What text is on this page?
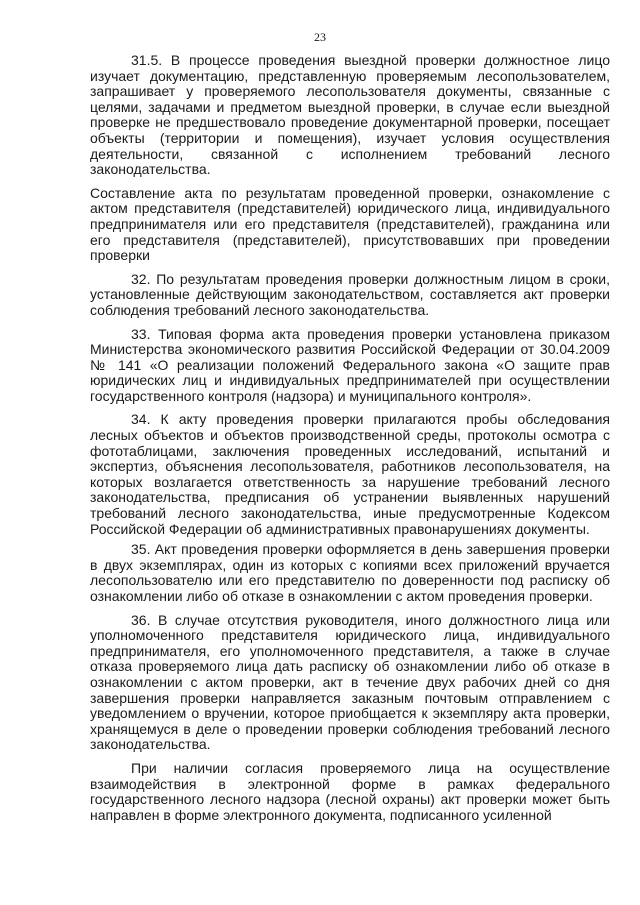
23

31.5. В процессе проведения выездной проверки должностное лицо изучает документацию, представленную проверяемым лесопользователем, запрашивает у проверяемого лесопользователя документы, связанные с целями, задачами и предметом выездной проверки, в случае если выездной проверке не предшествовало проведение документарной проверки, посещает объекты (территории и помещения), изучает условия осуществления деятельности, связанной с исполнением требований лесного законодательства.

Составление акта по результатам проведенной проверки, ознакомление с актом представителя (представителей) юридического лица, индивидуального предпринимателя или его представителя (представителей), гражданина или его представителя (представителей), присутствовавших при проведении проверки

32. По результатам проведения проверки должностным лицом в сроки, установленные действующим законодательством, составляется акт проверки соблюдения требований лесного законодательства.

33. Типовая форма акта проведения проверки установлена приказом Министерства экономического развития Российской Федерации от 30.04.2009 № 141 «О реализации положений Федерального закона «О защите прав юридических лиц и индивидуальных предпринимателей при осуществлении государственного контроля (надзора) и муниципального контроля».

34. К акту проведения проверки прилагаются пробы обследования лесных объектов и объектов производственной среды, протоколы осмотра с фототаблицами, заключения проведенных исследований, испытаний и экспертиз, объяснения лесопользователя, работников лесопользователя, на которых возлагается ответственность за нарушение требований лесного законодательства, предписания об устранении выявленных нарушений требований лесного законодательства, иные предусмотренные Кодексом Российской Федерации об административных правонарушениях документы.

35. Акт проведения проверки оформляется в день завершения проверки в двух экземплярах, один из которых с копиями всех приложений вручается лесопользователю или его представителю по доверенности под расписку об ознакомлении либо об отказе в ознакомлении с актом проведения проверки.

36. В случае отсутствия руководителя, иного должностного лица или уполномоченного представителя юридического лица, индивидуального предпринимателя, его уполномоченного представителя, а также в случае отказа проверяемого лица дать расписку об ознакомлении либо об отказе в ознакомлении с актом проверки, акт в течение двух рабочих дней со дня завершения проверки направляется заказным почтовым отправлением с уведомлением о вручении, которое приобщается к экземпляру акта проверки, хранящемуся в деле о проведении проверки соблюдения требований лесного законодательства.

При наличии согласия проверяемого лица на осуществление взаимодействия в электронной форме в рамках федерального государственного лесного надзора (лесной охраны) акт проверки может быть направлен в форме электронного документа, подписанного усиленной
